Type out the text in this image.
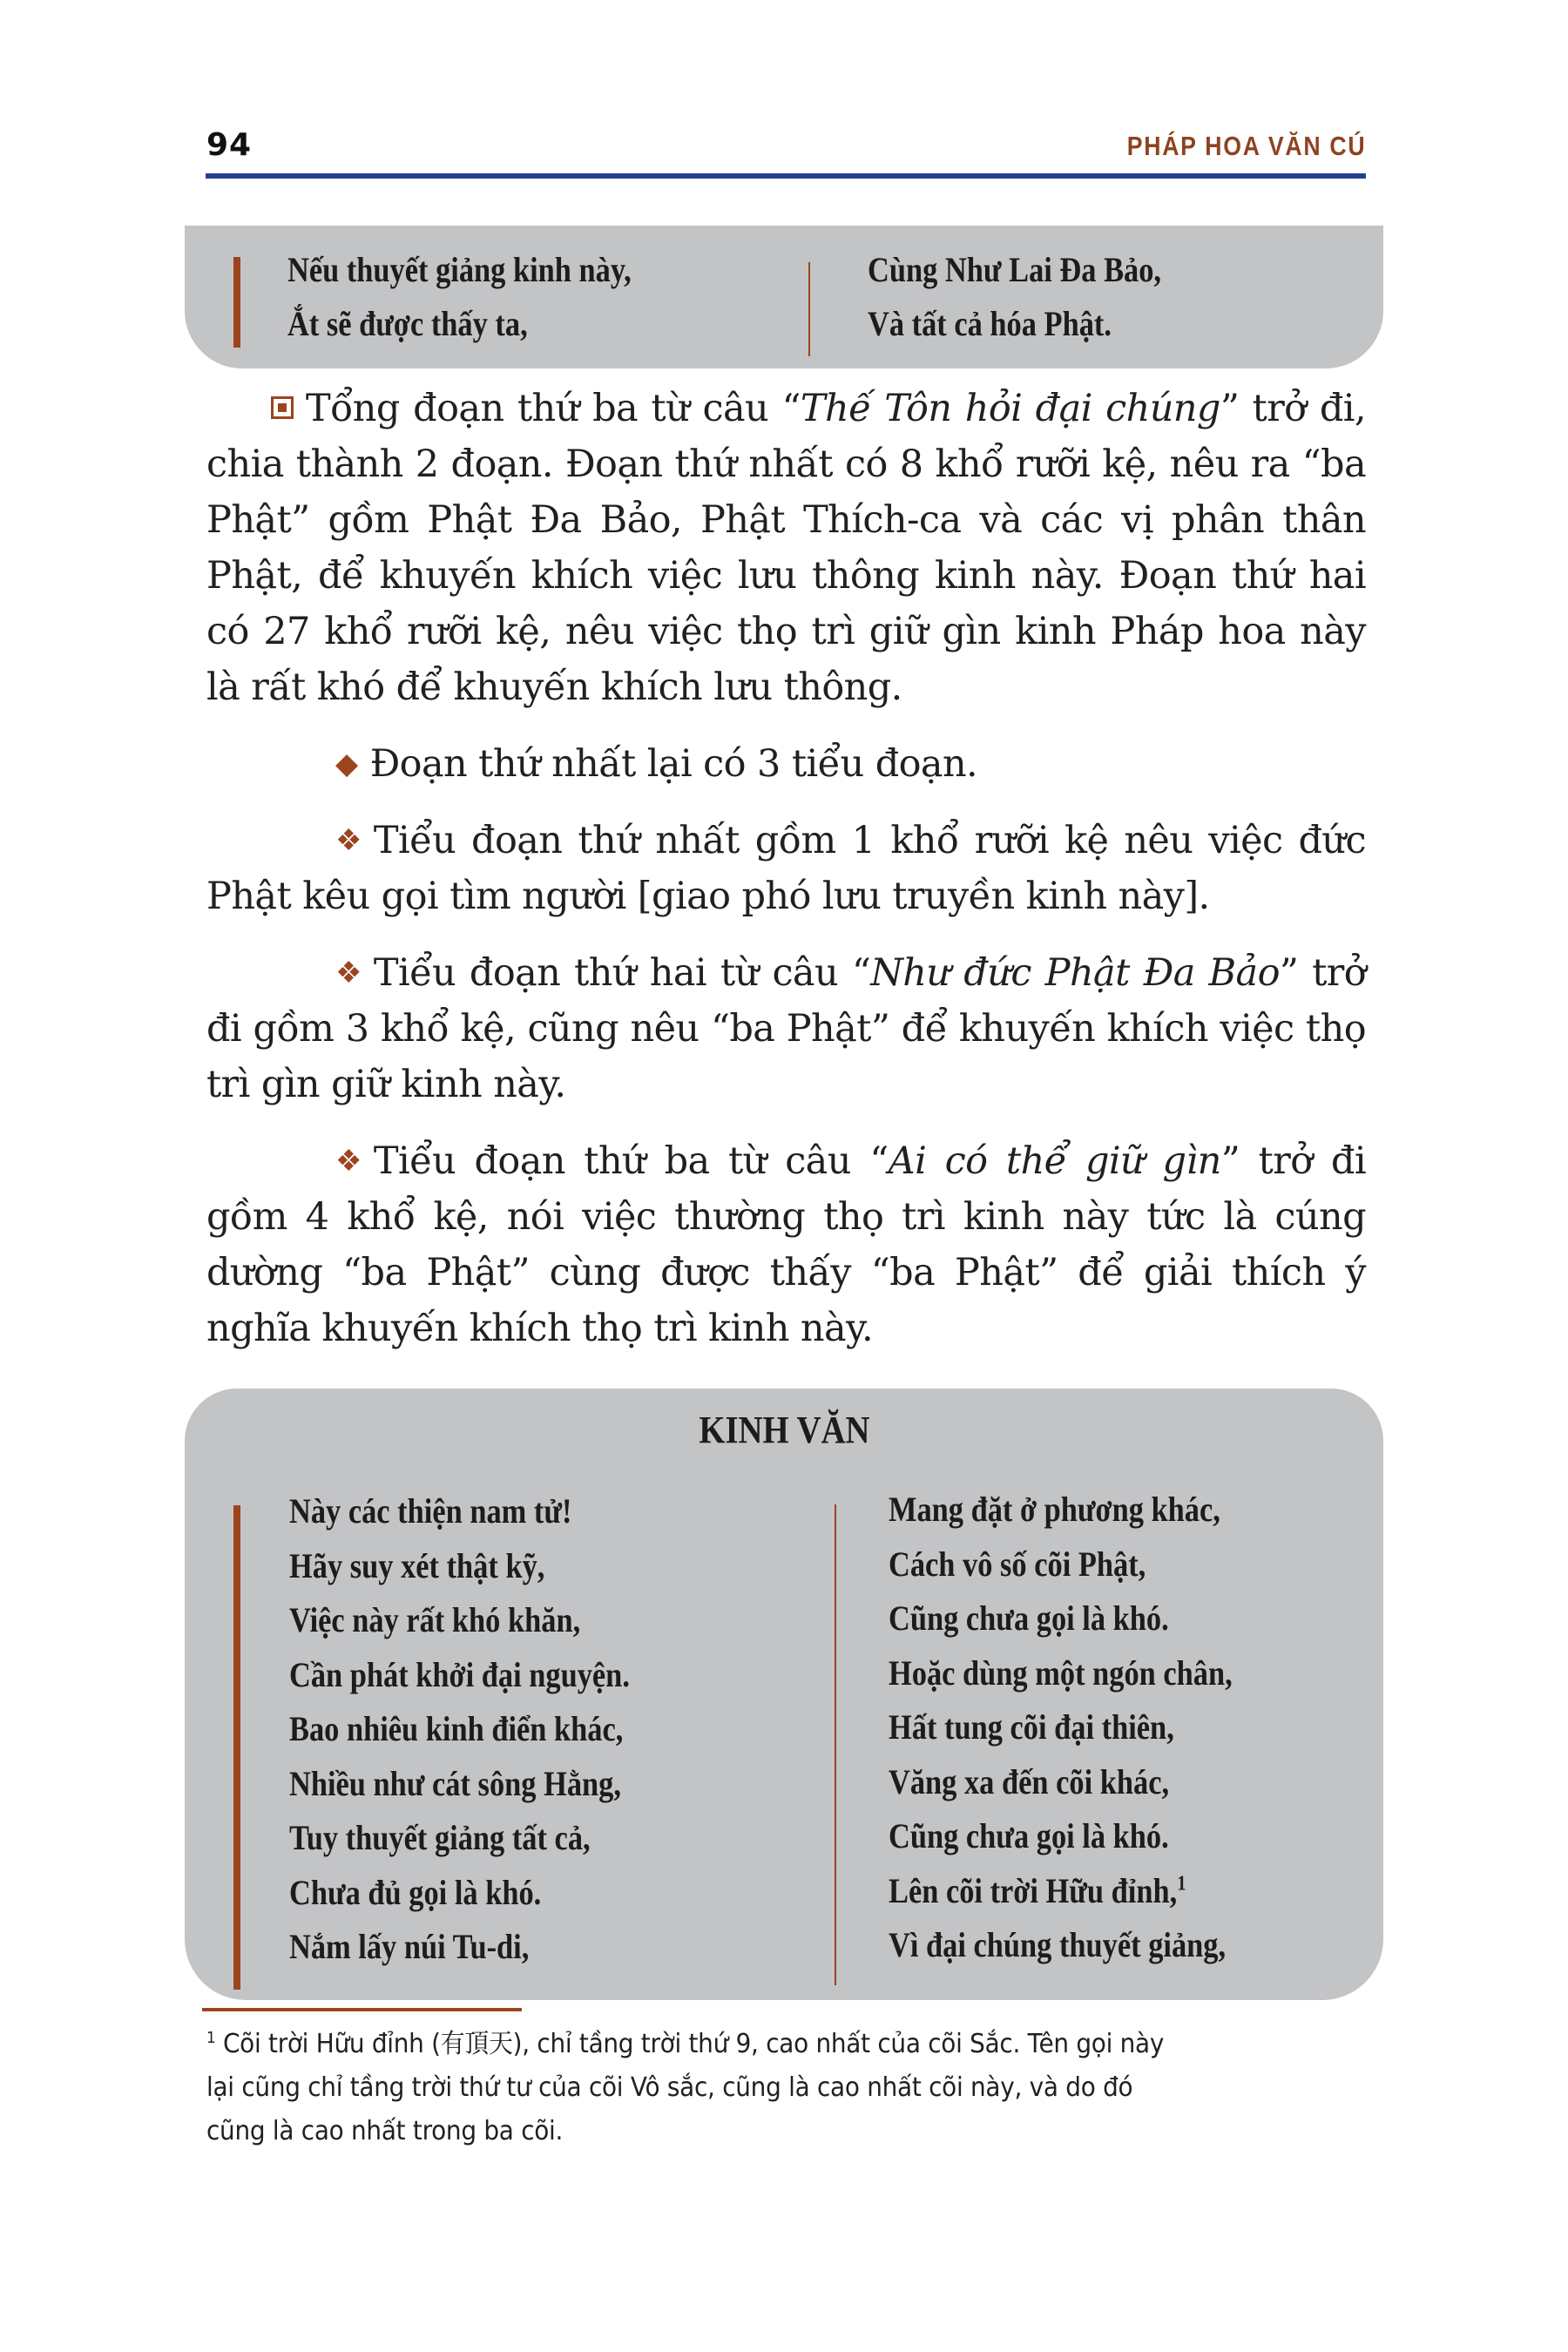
94	PHÁP HOA VĂN CÚ
Nếu thuyết giảng kinh này,
Ắt sẽ được thấy ta,
Cùng Như Lai Đa Bảo,
Và tất cả hóa Phật.

Tổng đoạn thứ ba từ câu “Thế Tôn hỏi đại chúng” trở đi, chia thành 2 đoạn. Đoạn thứ nhất có 8 khổ rưỡi kệ, nêu ra “ba Phật” gồm Phật Đa Bảo, Phật Thích-ca và các vị phân thân Phật, để khuyến khích việc lưu thông kinh này. Đoạn thứ hai có 27 khổ rưỡi kệ, nêu việc thọ trì giữ gìn kinh Pháp hoa này là rất khó để khuyến khích lưu thông.

◆ Đoạn thứ nhất lại có 3 tiểu đoạn.

❖ Tiểu đoạn thứ nhất gồm 1 khổ rưỡi kệ nêu việc đức Phật kêu gọi tìm người [giao phó lưu truyền kinh này].

❖ Tiểu đoạn thứ hai từ câu “Như đức Phật Đa Bảo” trở đi gồm 3 khổ kệ, cũng nêu “ba Phật” để khuyến khích việc thọ trì gìn giữ kinh này.

❖ Tiểu đoạn thứ ba từ câu “Ai có thể giữ gìn” trở đi gồm 4 khổ kệ, nói việc thường thọ trì kinh này tức là cúng dường “ba Phật” cùng được thấy “ba Phật” để giải thích ý nghĩa khuyến khích thọ trì kinh này.

KINH VĂN
Này các thiện nam tử!
Hãy suy xét thật kỹ,
Việc này rất khó khăn,
Cần phát khởi đại nguyện.
Bao nhiêu kinh điển khác,
Nhiều như cát sông Hằng,
Tuy thuyết giảng tất cả,
Chưa đủ gọi là khó.
Nắm lấy núi Tu-di,
Mang đặt ở phương khác,
Cách vô số cõi Phật,
Cũng chưa gọi là khó.
Hoặc dùng một ngón chân,
Hất tung cõi đại thiên,
Văng xa đến cõi khác,
Cũng chưa gọi là khó.
Lên cõi trời Hữu đỉnh,$^1$
Vì đại chúng thuyết giảng,
$^1$ Cõi trời Hữu đỉnh (有頂天), chỉ tầng trời thứ 9, cao nhất của cõi Sắc. Tên gọi này
lại cũng chỉ tầng trời thứ tư của cõi Vô sắc, cũng là cao nhất cõi này, và do đó
cũng là cao nhất trong ba cõi.
